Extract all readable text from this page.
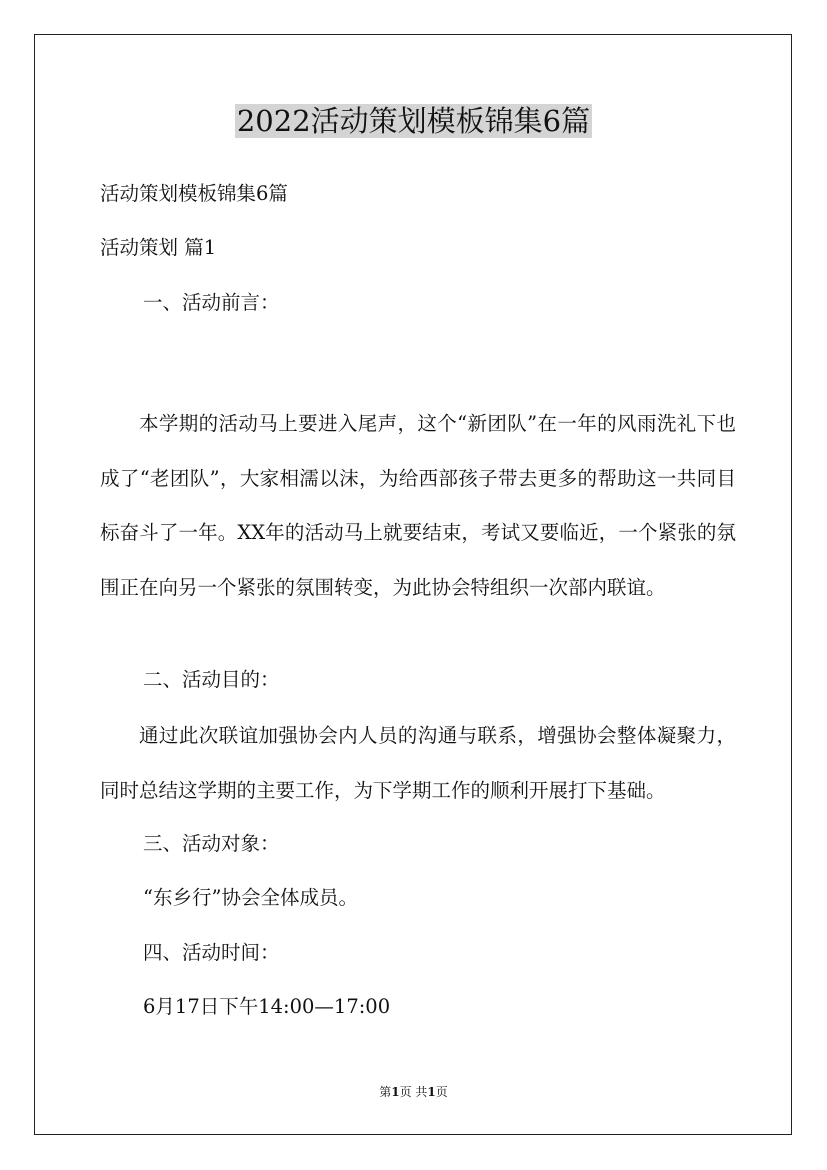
2022活动策划模板锦集6篇
活动策划模板锦集6篇
活动策划 篇1
一、活动前言：

本学期的活动马上要进入尾声，这个“新团队”在一年的风雨洗礼下也成了“老团队”，大家相濡以沫，为给西部孩子带去更多的帮助这一共同目标奋斗了一年。XX年的活动马上就要结束，考试又要临近，一个紧张的氛围正在向另一个紧张的氛围转变，为此协会特组织一次部内联谊。

二、活动目的：

通过此次联谊加强协会内人员的沟通与联系，增强协会整体凝聚力，同时总结这学期的主要工作，为下学期工作的顺利开展打下基础。

三、活动对象：
“东乡行”协会全体成员。
四、活动时间：
6月17日下午14:00—17:00
第1页 共1页
